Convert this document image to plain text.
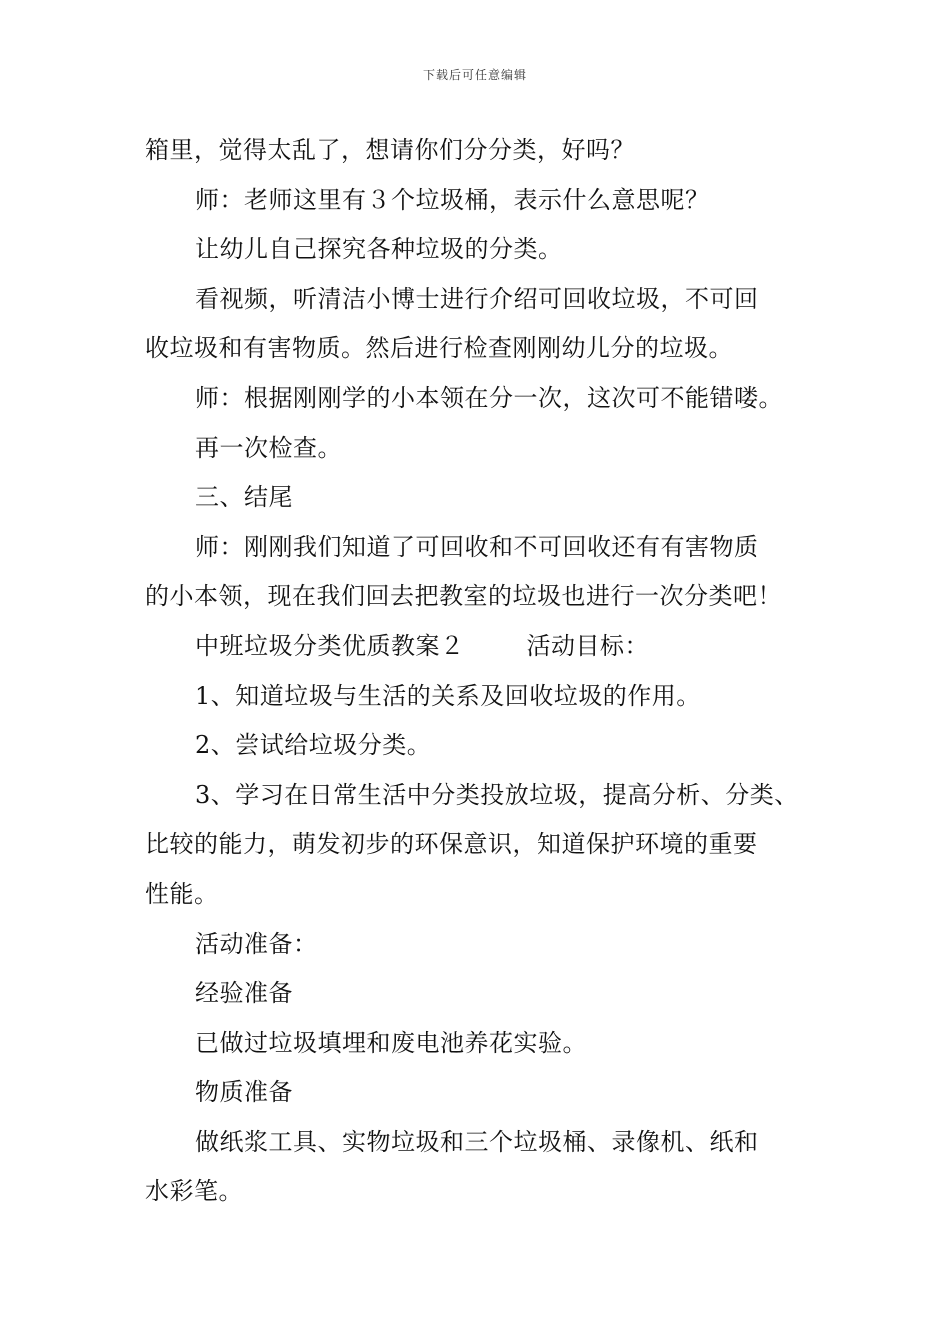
下载后可任意编辑
箱里，觉得太乱了，想请你们分分类，好吗？
师：老师这里有３个垃圾桶，表示什么意思呢？
让幼儿自己探究各种垃圾的分类。
看视频，听清洁小博士进行介绍可回收垃圾，不可回
收垃圾和有害物质。然后进行检查刚刚幼儿分的垃圾。
师：根据刚刚学的小本领在分一次，这次可不能错喽。
再一次检查。
三、结尾
师：刚刚我们知道了可回收和不可回收还有有害物质
的小本领，现在我们回去把教室的垃圾也进行一次分类吧！
中班垃圾分类优质教案２	活动目标：
1、知道垃圾与生活的关系及回收垃圾的作用。
2、尝试给垃圾分类。
3、学习在日常生活中分类投放垃圾，提高分析、分类、
比较的能力，萌发初步的环保意识，知道保护环境的重要
性能。
活动准备：
经验准备
已做过垃圾填埋和废电池养花实验。
物质准备
做纸浆工具、实物垃圾和三个垃圾桶、录像机、纸和
水彩笔。
